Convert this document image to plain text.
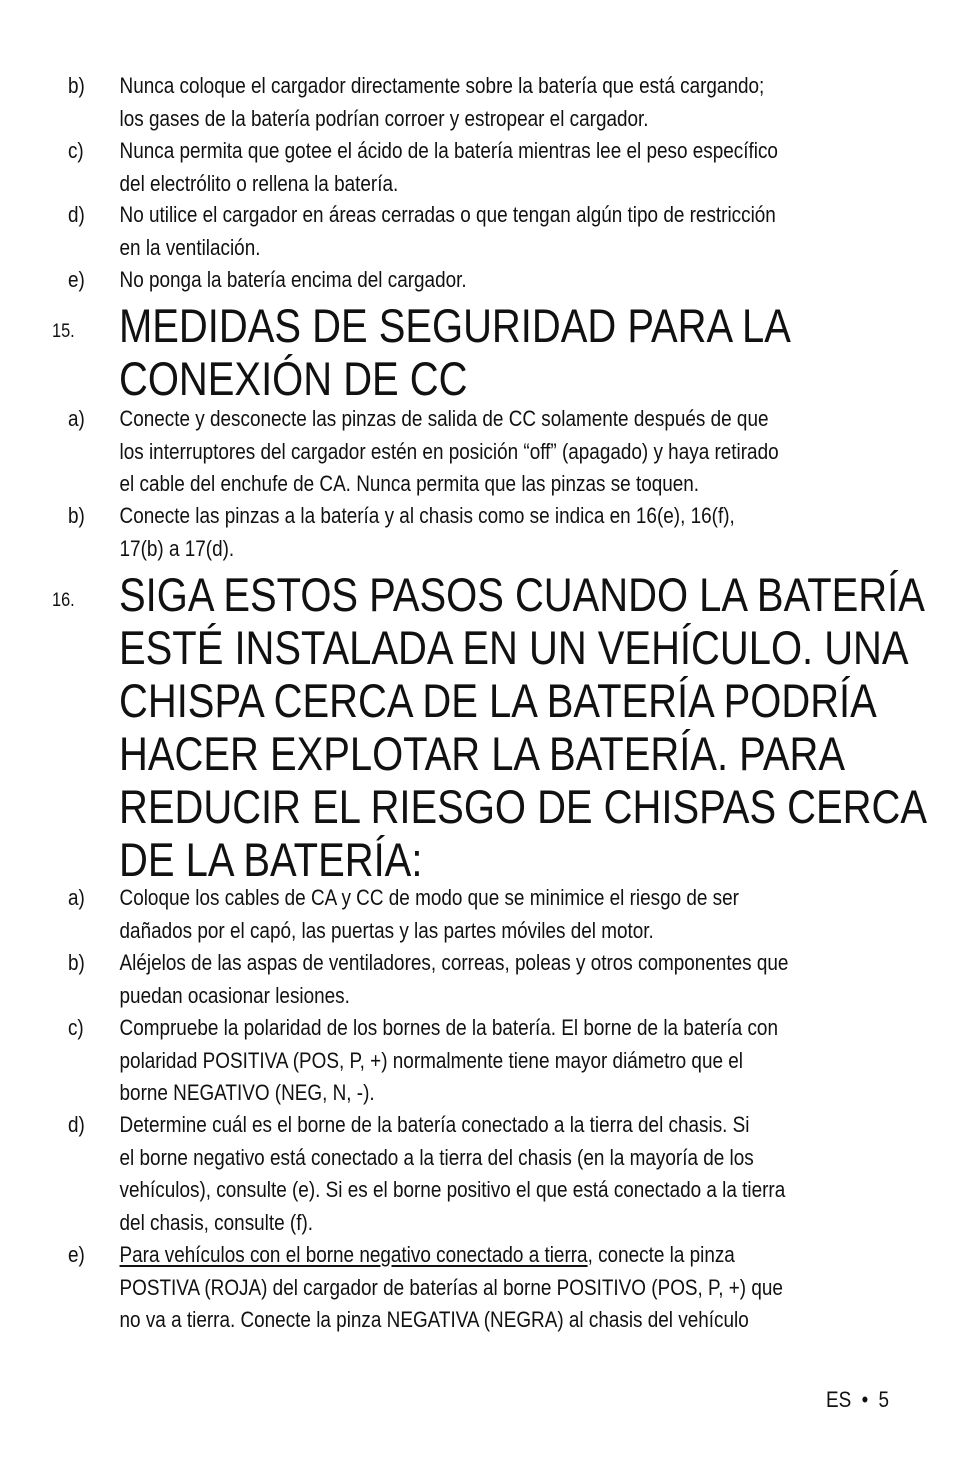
b) Nunca coloque el cargador directamente sobre la batería que está cargando;
los gases de la batería podrían corroer y estropear el cargador.
c) Nunca permita que gotee el ácido de la batería mientras lee el peso específico
del electrólito o rellena la batería.
d) No utilice el cargador en áreas cerradas o que tengan algún tipo de restricción
en la ventilación.
e) No ponga la batería encima del cargador.
15. MEDIDAS DE SEGURIDAD PARA LA
CONEXIÓN DE CC
a) Conecte y desconecte las pinzas de salida de CC solamente después de que
los interruptores del cargador estén en posición “off” (apagado) y haya retirado
el cable del enchufe de CA. Nunca permita que las pinzas se toquen.
b) Conecte las pinzas a la batería y al chasis como se indica en 16(e), 16(f),
17(b) a 17(d).
16. SIGA ESTOS PASOS CUANDO LA BATERÍA
ESTÉ INSTALADA EN UN VEHÍCULO. UNA
CHISPA CERCA DE LA BATERÍA PODRÍA
HACER EXPLOTAR LA BATERÍA. PARA
REDUCIR EL RIESGO DE CHISPAS CERCA
DE LA BATERÍA:
a) Coloque los cables de CA y CC de modo que se minimice el riesgo de ser
dañados por el capó, las puertas y las partes móviles del motor.
b) Aléjelos de las aspas de ventiladores, correas, poleas y otros componentes que
puedan ocasionar lesiones.
c) Compruebe la polaridad de los bornes de la batería. El borne de la batería con
polaridad POSITIVA (POS, P, +) normalmente tiene mayor diámetro que el
borne NEGATIVO (NEG, N, -).
d) Determine cuál es el borne de la batería conectado a la tierra del chasis. Si
el borne negativo está conectado a la tierra del chasis (en la mayoría de los
vehículos), consulte (e). Si es el borne positivo el que está conectado a la tierra
del chasis, consulte (f).
e) Para vehículos con el borne negativo conectado a tierra, conecte la pinza
POSTIVA (ROJA) del cargador de baterías al borne POSITIVO (POS, P, +) que
no va a tierra. Conecte la pinza NEGATIVA (NEGRA) al chasis del vehículo
ES • 5
